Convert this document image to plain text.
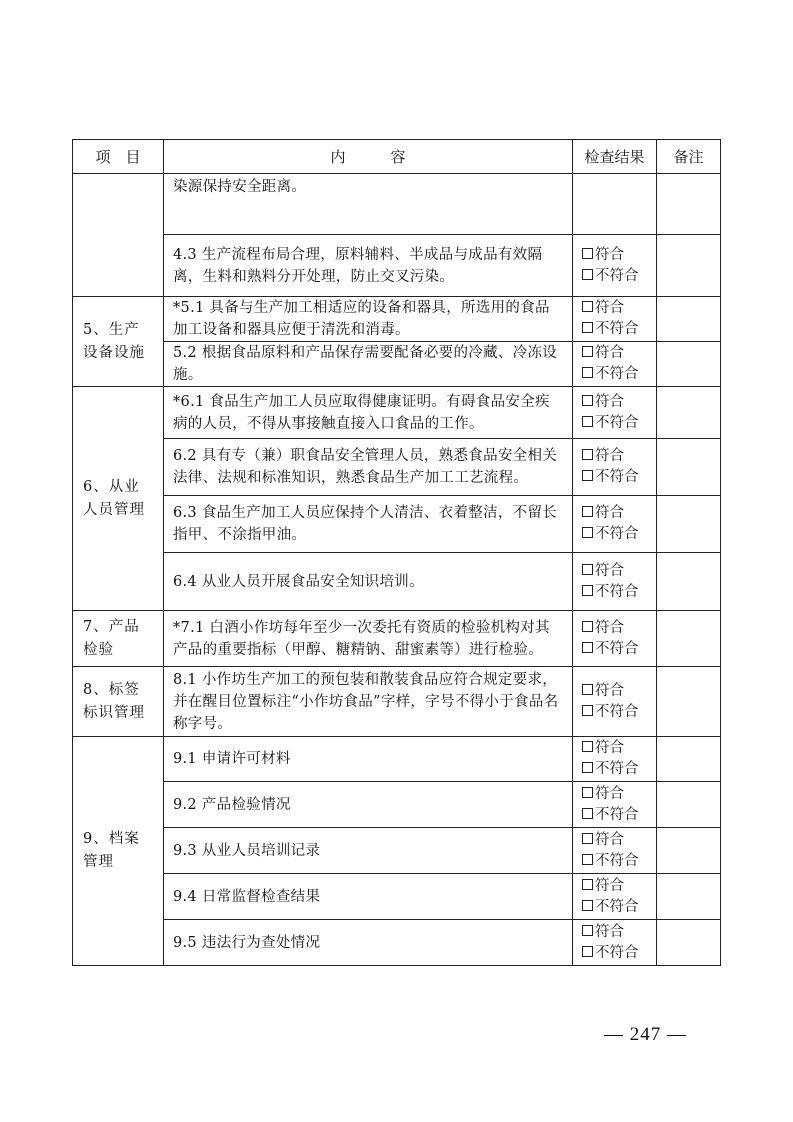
项　目	内　　　容	检查结果	备注
	染源保持安全距离。		
	4.3 生产流程布局合理，原料辅料、半成品与成品有效隔离，生料和熟料分开处理，防止交叉污染。	符合
不符合	

5、生产设备设施	*5.1 具备与生产加工相适应的设备和器具，所选用的食品加工设备和器具应便于清洗和消毒。	符合
不符合	

	5.2 根据食品原料和产品保存需要配备必要的冷藏、冷冻设施。	符合
不符合	

6、从业人员管理	*6.1 食品生产加工人员应取得健康证明。有碍食品安全疾病的人员，不得从事接触直接入口食品的工作。	符合
不符合	

	6.2 具有专（兼）职食品安全管理人员，熟悉食品安全相关法律、法规和标准知识，熟悉食品生产加工工艺流程。	符合
不符合	

	6.3 食品生产加工人员应保持个人清洁、衣着整洁，不留长指甲、不涂指甲油。	符合
不符合	

	6.4 从业人员开展食品安全知识培训。	符合
不符合	

7、产品检验	*7.1 白酒小作坊每年至少一次委托有资质的检验机构对其产品的重要指标（甲醇、糖精钠、甜蜜素等）进行检验。	符合
不符合	

8、标签标识管理	8.1 小作坊生产加工的预包装和散装食品应符合规定要求，并在醒目位置标注“小作坊食品”字样，字号不得小于食品名称字号。	符合
不符合	

9、档案管理	9.1 申请许可材料	符合
不符合	

	9.2 产品检验情况	符合
不符合	

	9.3 从业人员培训记录	符合
不符合	

	9.4 日常监督检查结果	符合
不符合	

	9.5 违法行为查处情况	符合
不符合	

— 247 —
